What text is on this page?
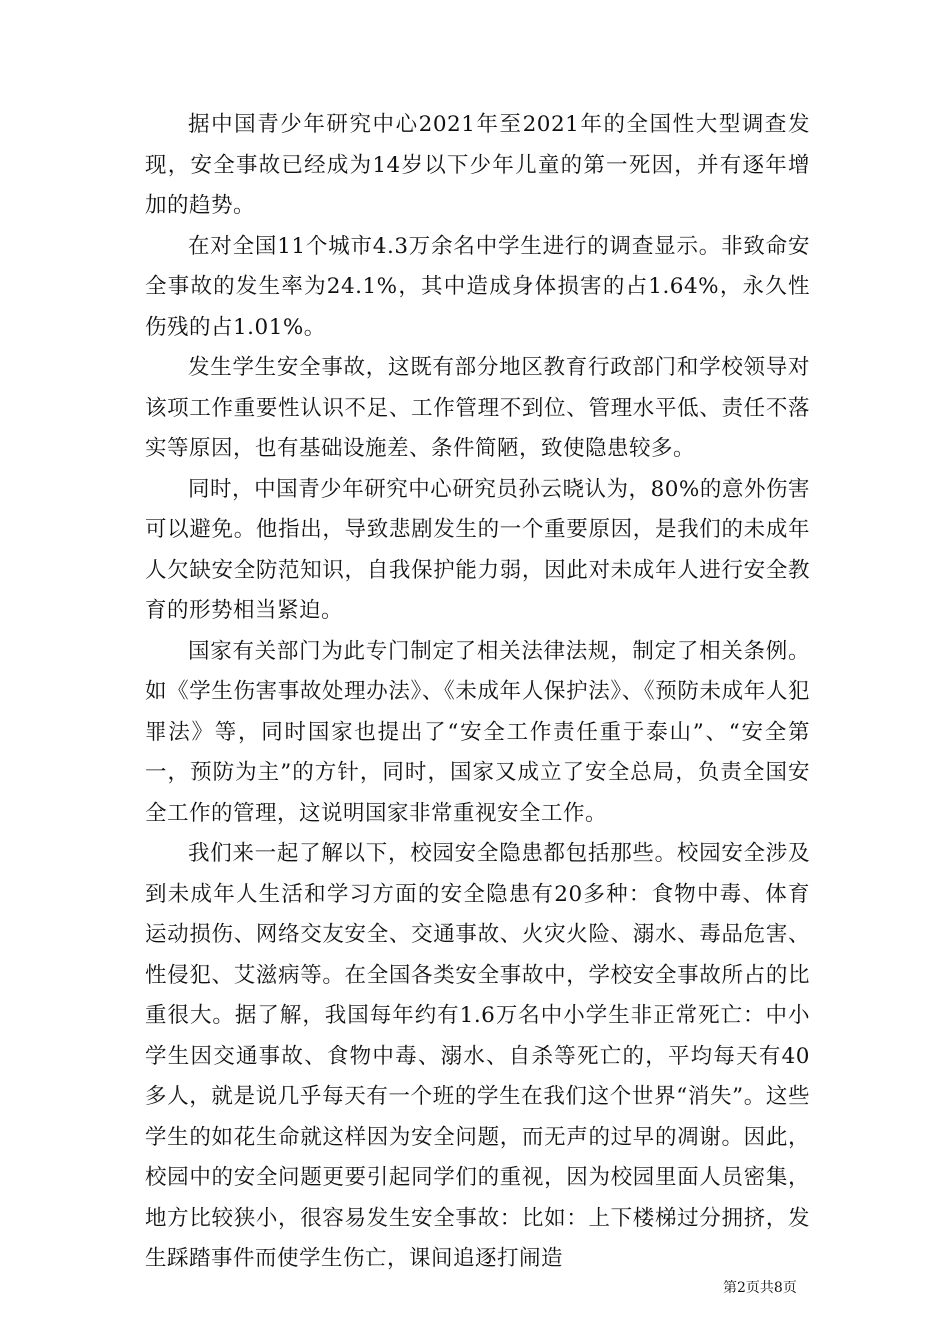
据中国青少年研究中心2021年至2021年的全国性大型调查发现，安全事故已经成为14岁以下少年儿童的第一死因，并有逐年增加的趋势。

在对全国11个城市4.3万余名中学生进行的调查显示。非致命安全事故的发生率为24.1%，其中造成身体损害的占1.64%，永久性伤残的占1.01%。

发生学生安全事故，这既有部分地区教育行政部门和学校领导对该项工作重要性认识不足、工作管理不到位、管理水平低、责任不落实等原因，也有基础设施差、条件简陋，致使隐患较多。

同时，中国青少年研究中心研究员孙云晓认为，80%的意外伤害可以避免。他指出，导致悲剧发生的一个重要原因，是我们的未成年人欠缺安全防范知识，自我保护能力弱，因此对未成年人进行安全教育的形势相当紧迫。

国家有关部门为此专门制定了相关法律法规，制定了相关条例。如《学生伤害事故处理办法》、《未成年人保护法》、《预防未成年人犯罪法》等，同时国家也提出了“安全工作责任重于泰山”、“安全第一，预防为主”的方针，同时，国家又成立了安全总局，负责全国安全工作的管理，这说明国家非常重视安全工作。

我们来一起了解以下，校园安全隐患都包括那些。校园安全涉及到未成年人生活和学习方面的安全隐患有20多种：食物中毒、体育运动损伤、网络交友安全、交通事故、火灾火险、溺水、毒品危害、性侵犯、艾滋病等。在全国各类安全事故中，学校安全事故所占的比重很大。据了解，我国每年约有1.6万名中小学生非正常死亡：中小学生因交通事故、食物中毒、溺水、自杀等死亡的，平均每天有40多人，就是说几乎每天有一个班的学生在我们这个世界“消失”。这些学生的如花生命就这样因为安全问题，而无声的过早的凋谢。因此，校园中的安全问题更要引起同学们的重视，因为校园里面人员密集，地方比较狭小，很容易发生安全事故：比如：上下楼梯过分拥挤，发生踩踏事件而使学生伤亡，课间追逐打闹造

第2页共8页
